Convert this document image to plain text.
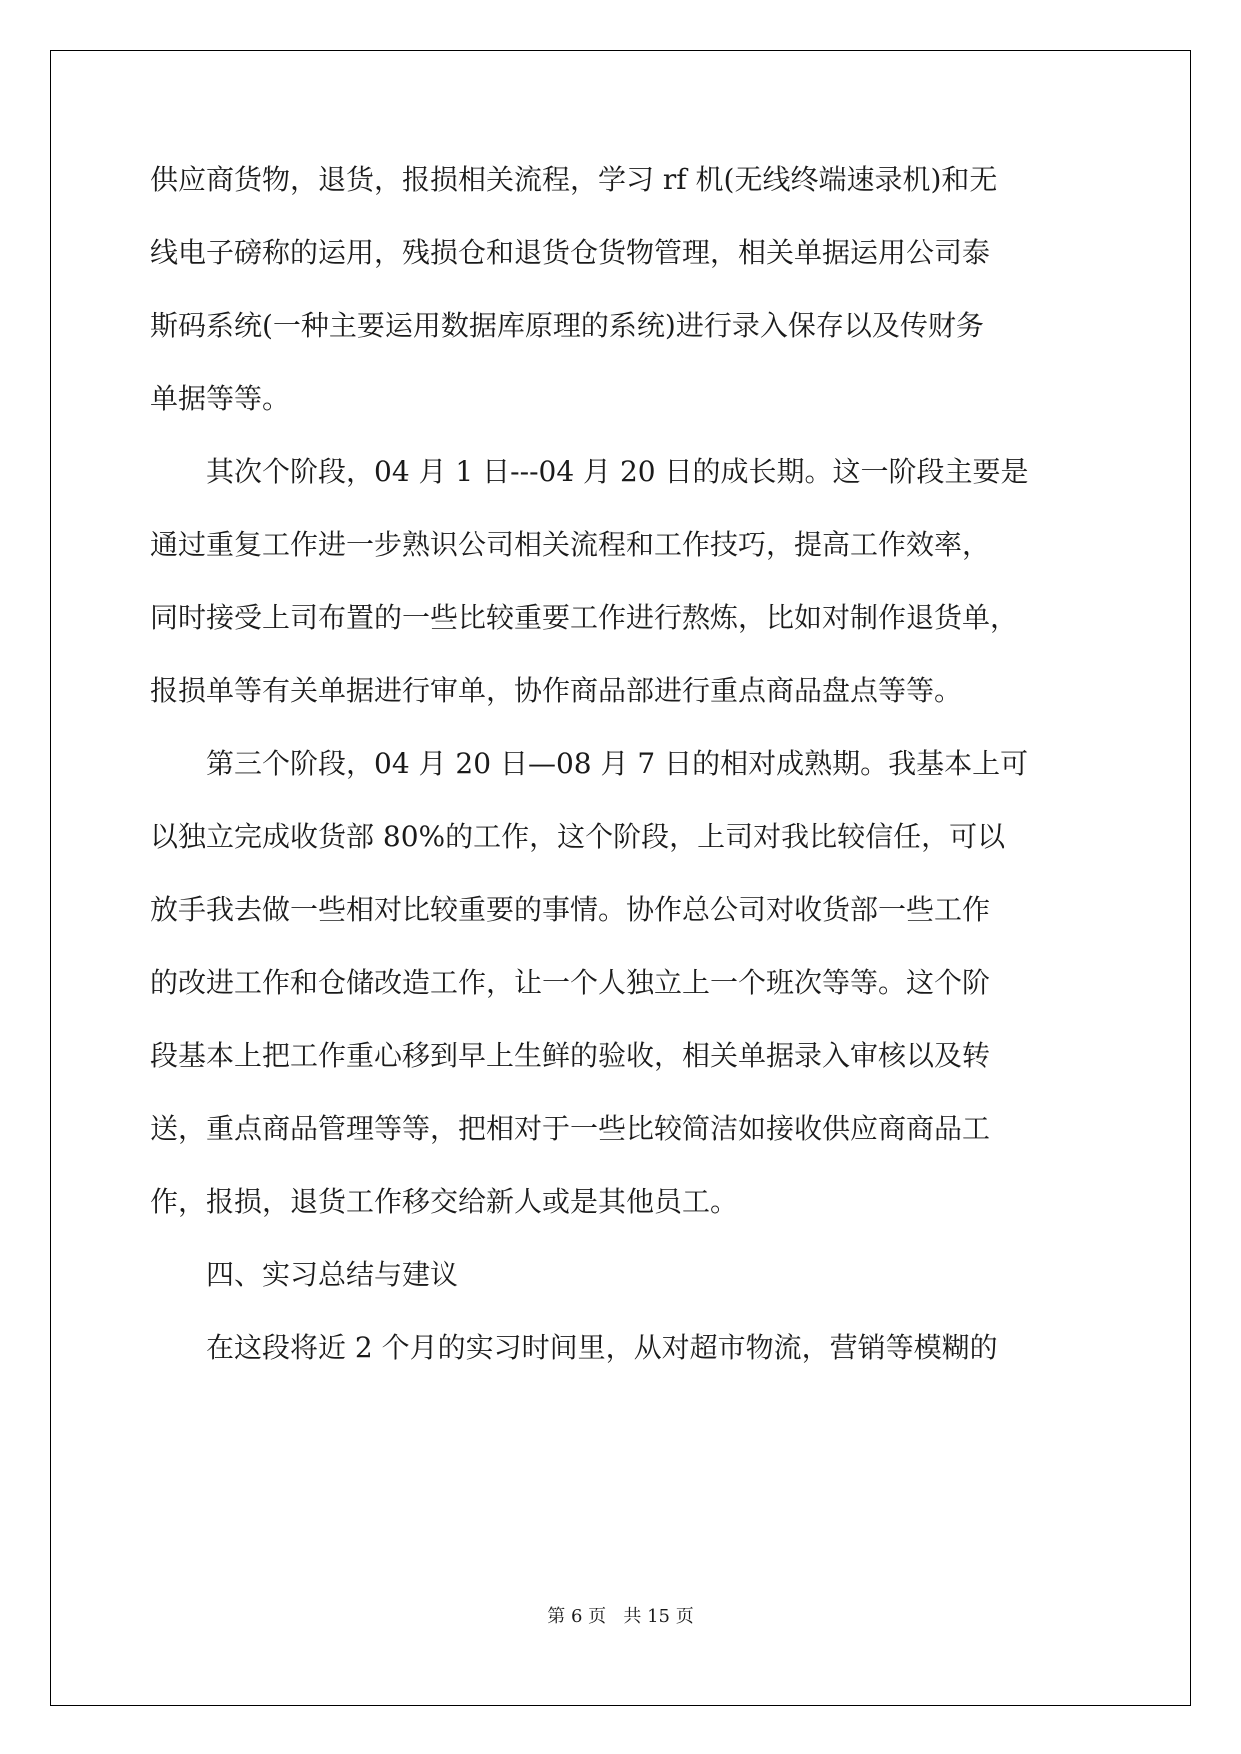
供应商货物，退货，报损相关流程，学习 rf 机(无线终端速录机)和无
线电子磅称的运用，残损仓和退货仓货物管理，相关单据运用公司泰
斯码系统(一种主要运用数据库原理的系统)进行录入保存以及传财务
单据等等。
其次个阶段，04 月 1 日---04 月 20 日的成长期。这一阶段主要是
通过重复工作进一步熟识公司相关流程和工作技巧，提高工作效率，
同时接受上司布置的一些比较重要工作进行熬炼，比如对制作退货单，
报损单等有关单据进行审单，协作商品部进行重点商品盘点等等。
第三个阶段，04 月 20 日—08 月 7 日的相对成熟期。我基本上可
以独立完成收货部 80%的工作，这个阶段，上司对我比较信任，可以
放手我去做一些相对比较重要的事情。协作总公司对收货部一些工作
的改进工作和仓储改造工作，让一个人独立上一个班次等等。这个阶
段基本上把工作重心移到早上生鲜的验收，相关单据录入审核以及转
送，重点商品管理等等，把相对于一些比较简洁如接收供应商商品工
作，报损，退货工作移交给新人或是其他员工。
四、实习总结与建议
在这段将近 2 个月的实习时间里，从对超市物流，营销等模糊的
第 6 页 共 15 页
